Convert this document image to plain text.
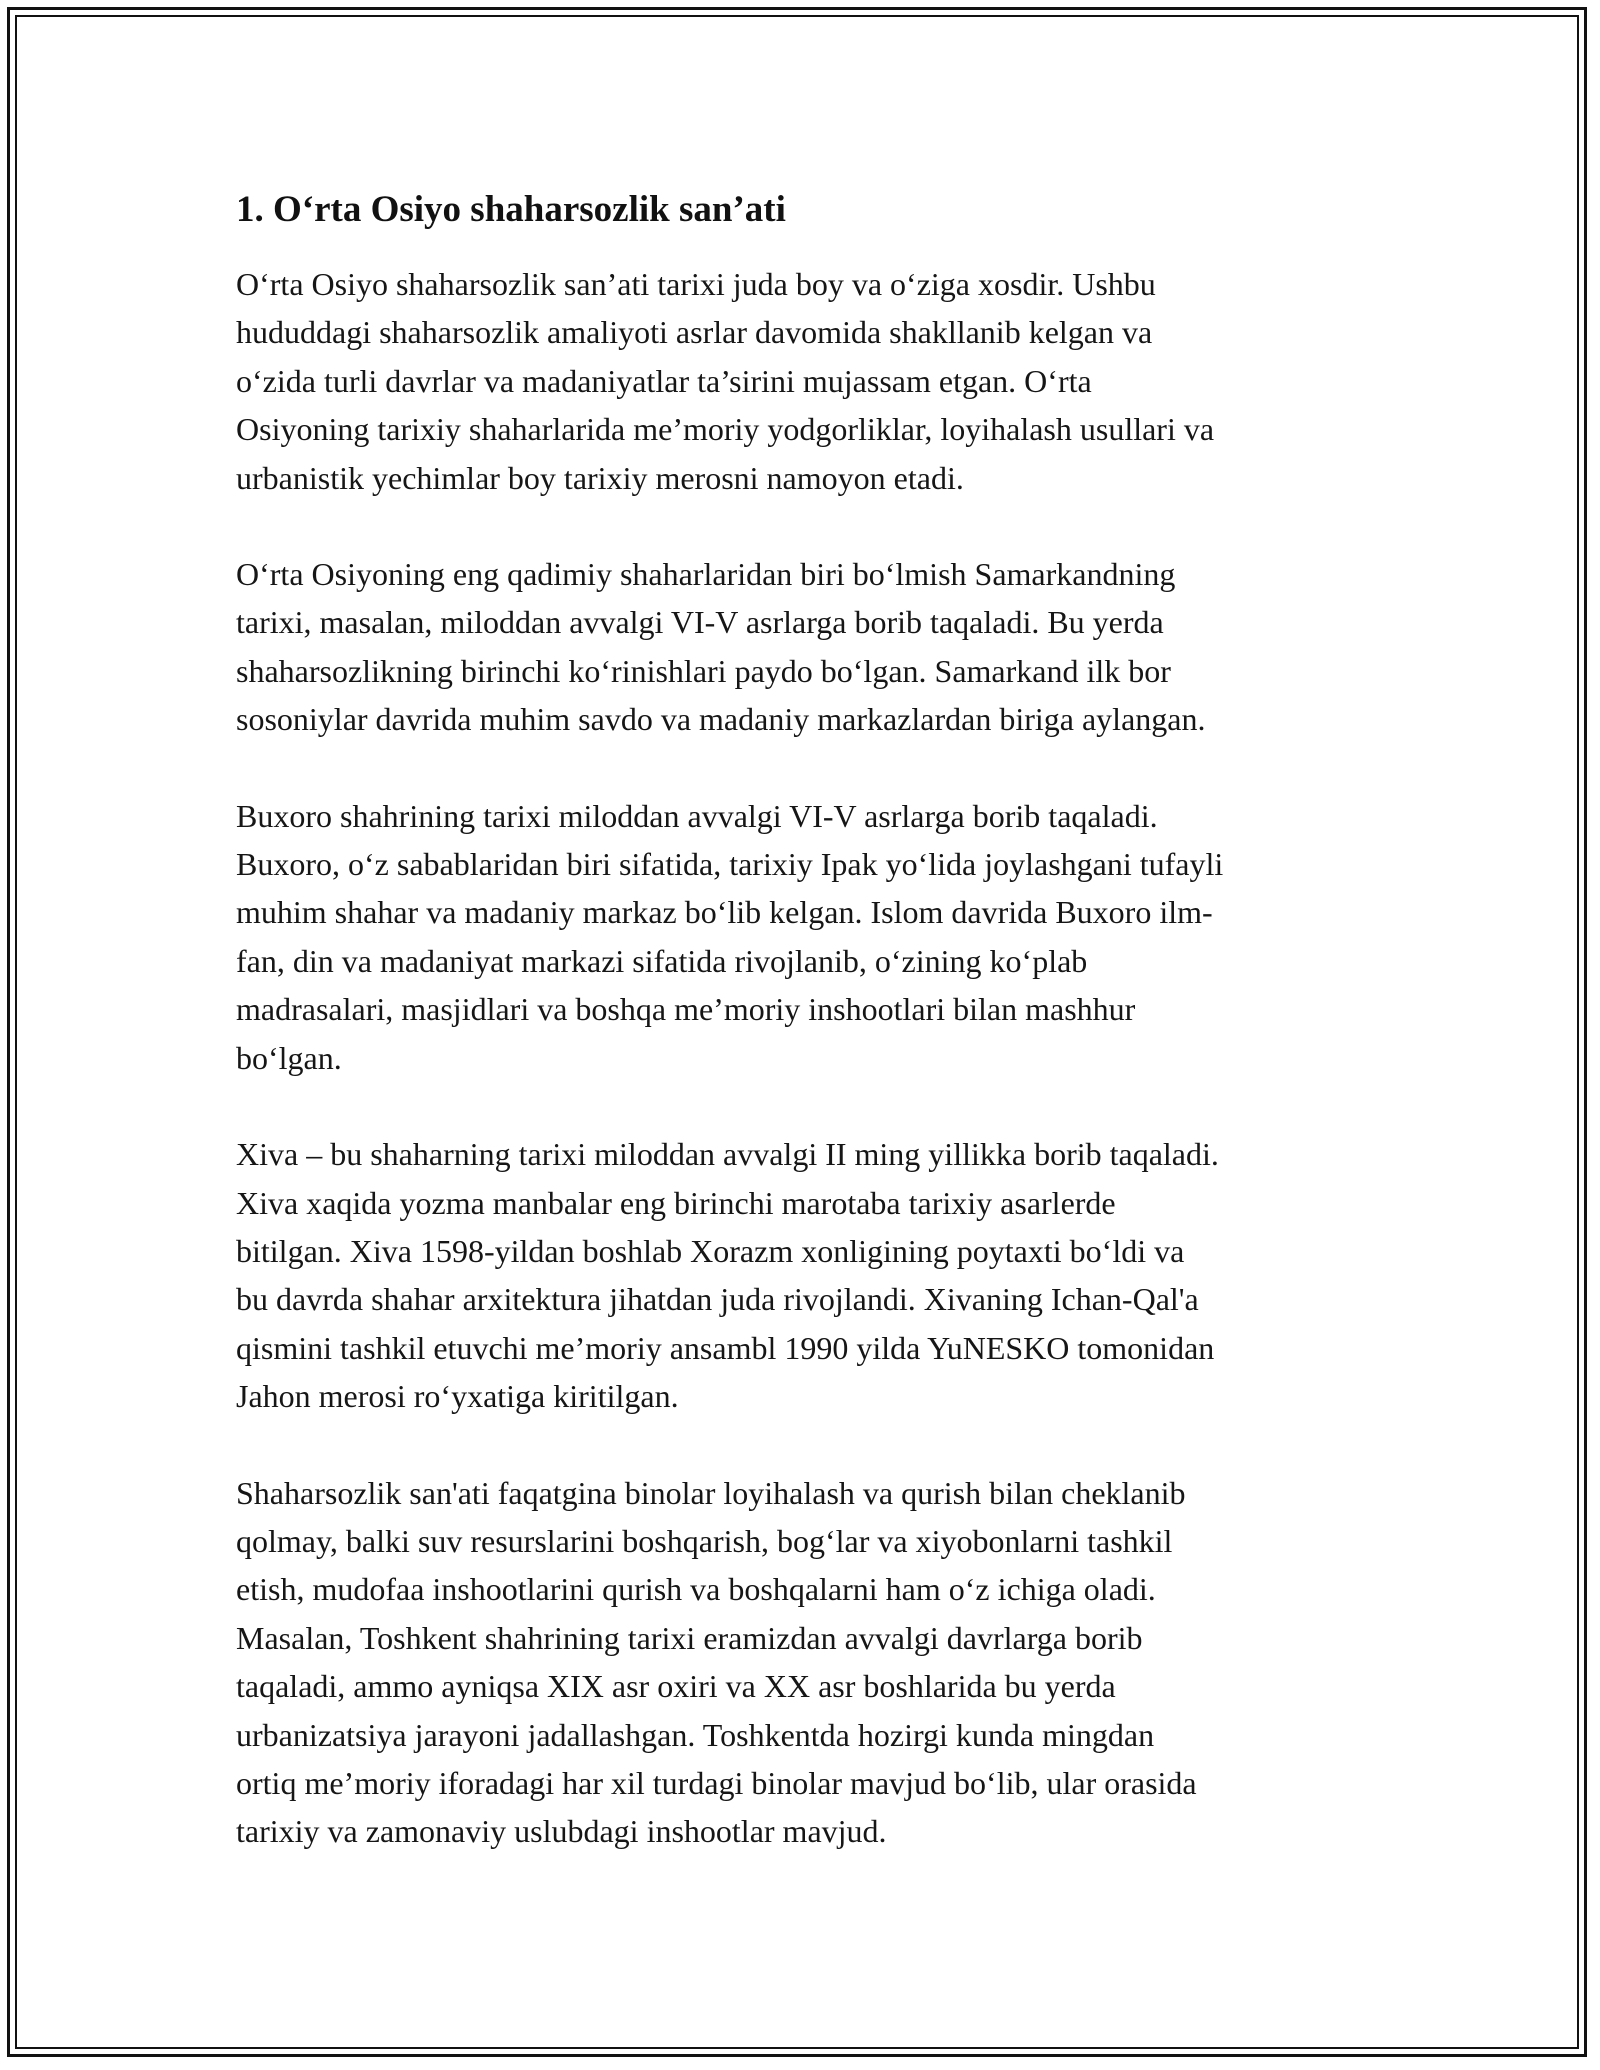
1. O‘rta Osiyo shaharsozlik san’ati

O‘rta Osiyo shaharsozlik san’ati tarixi juda boy va o‘ziga xosdir. Ushbu
hududdagi shaharsozlik amaliyoti asrlar davomida shakllanib kelgan va
o‘zida turli davrlar va madaniyatlar ta’sirini mujassam etgan. O‘rta
Osiyoning tarixiy shaharlarida me’moriy yodgorliklar, loyihalash usullari va
urbanistik yechimlar boy tarixiy merosni namoyon etadi.

O‘rta Osiyoning eng qadimiy shaharlaridan biri bo‘lmish Samarkandning
tarixi, masalan, miloddan avvalgi VI-V asrlarga borib taqaladi. Bu yerda
shaharsozlikning birinchi ko‘rinishlari paydo bo‘lgan. Samarkand ilk bor
sosoniylar davrida muhim savdo va madaniy markazlardan biriga aylangan.

Buxoro shahrining tarixi miloddan avvalgi VI-V asrlarga borib taqaladi.
Buxoro, o‘z sabablaridan biri sifatida, tarixiy Ipak yo‘lida joylashgani tufayli
muhim shahar va madaniy markaz bo‘lib kelgan. Islom davrida Buxoro ilm-
fan, din va madaniyat markazi sifatida rivojlanib, o‘zining ko‘plab
madrasalari, masjidlari va boshqa me’moriy inshootlari bilan mashhur
bo‘lgan.

Xiva – bu shaharning tarixi miloddan avvalgi II ming yillikka borib taqaladi.
Xiva xaqida yozma manbalar eng birinchi marotaba tarixiy asarlerde
bitilgan. Xiva 1598-yildan boshlab Xorazm xonligining poytaxti bo‘ldi va
bu davrda shahar arxitektura jihatdan juda rivojlandi. Xivaning Ichan-Qal'a
qismini tashkil etuvchi me’moriy ansambl 1990 yilda YuNESKO tomonidan
Jahon merosi ro‘yxatiga kiritilgan.

Shaharsozlik san'ati faqatgina binolar loyihalash va qurish bilan cheklanib
qolmay, balki suv resurslarini boshqarish, bog‘lar va xiyobonlarni tashkil
etish, mudofaa inshootlarini qurish va boshqalarni ham o‘z ichiga oladi.
Masalan, Toshkent shahrining tarixi eramizdan avvalgi davrlarga borib
taqaladi, ammo ayniqsa XIX asr oxiri va XX asr boshlarida bu yerda
urbanizatsiya jarayoni jadallashgan. Toshkentda hozirgi kunda mingdan
ortiq me’moriy iforadagi har xil turdagi binolar mavjud bo‘lib, ular orasida
tarixiy va zamonaviy uslubdagi inshootlar mavjud.
